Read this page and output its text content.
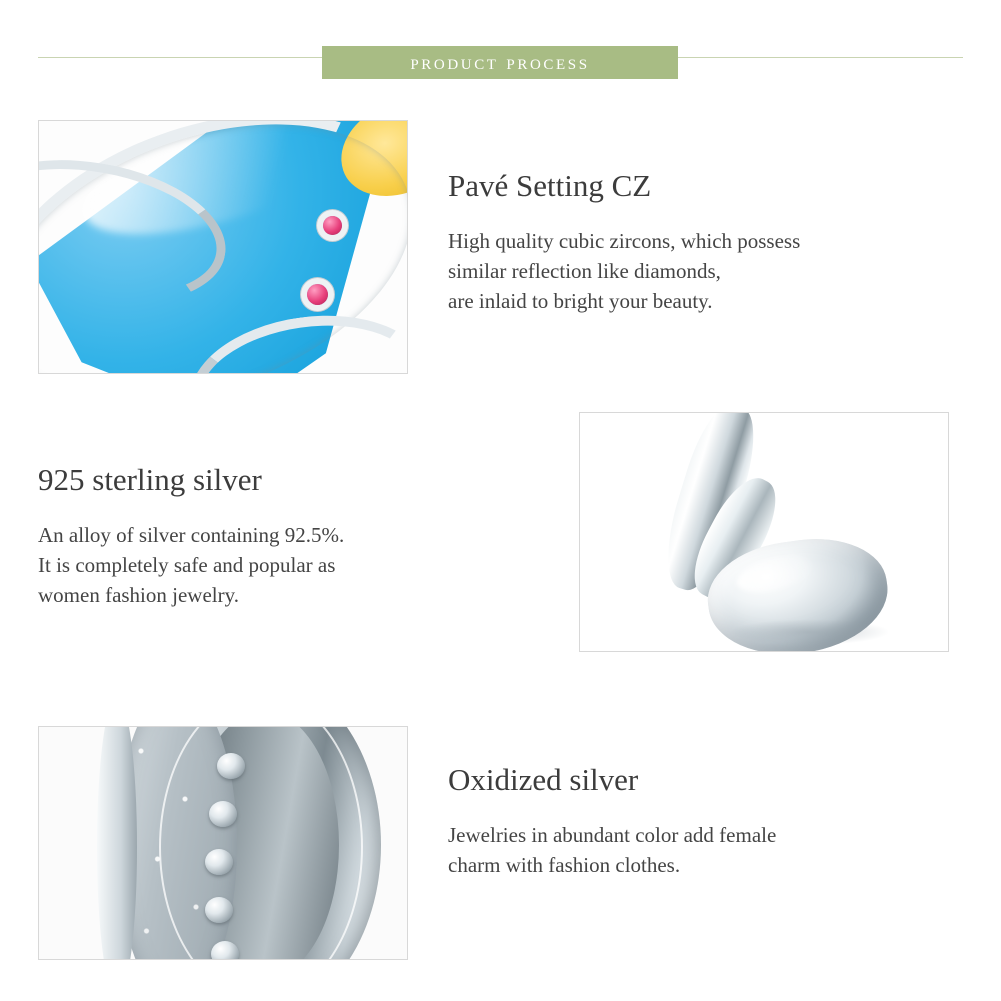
product process
Pavé Setting CZ
High quality cubic zircons, which possess
similar reflection like diamonds,
are inlaid to bright your beauty.
925 sterling silver
An alloy of silver containing 92.5%.
It is completely safe and popular as
women fashion jewelry.
Oxidized silver
Jewelries in abundant color add female
charm with fashion clothes.
